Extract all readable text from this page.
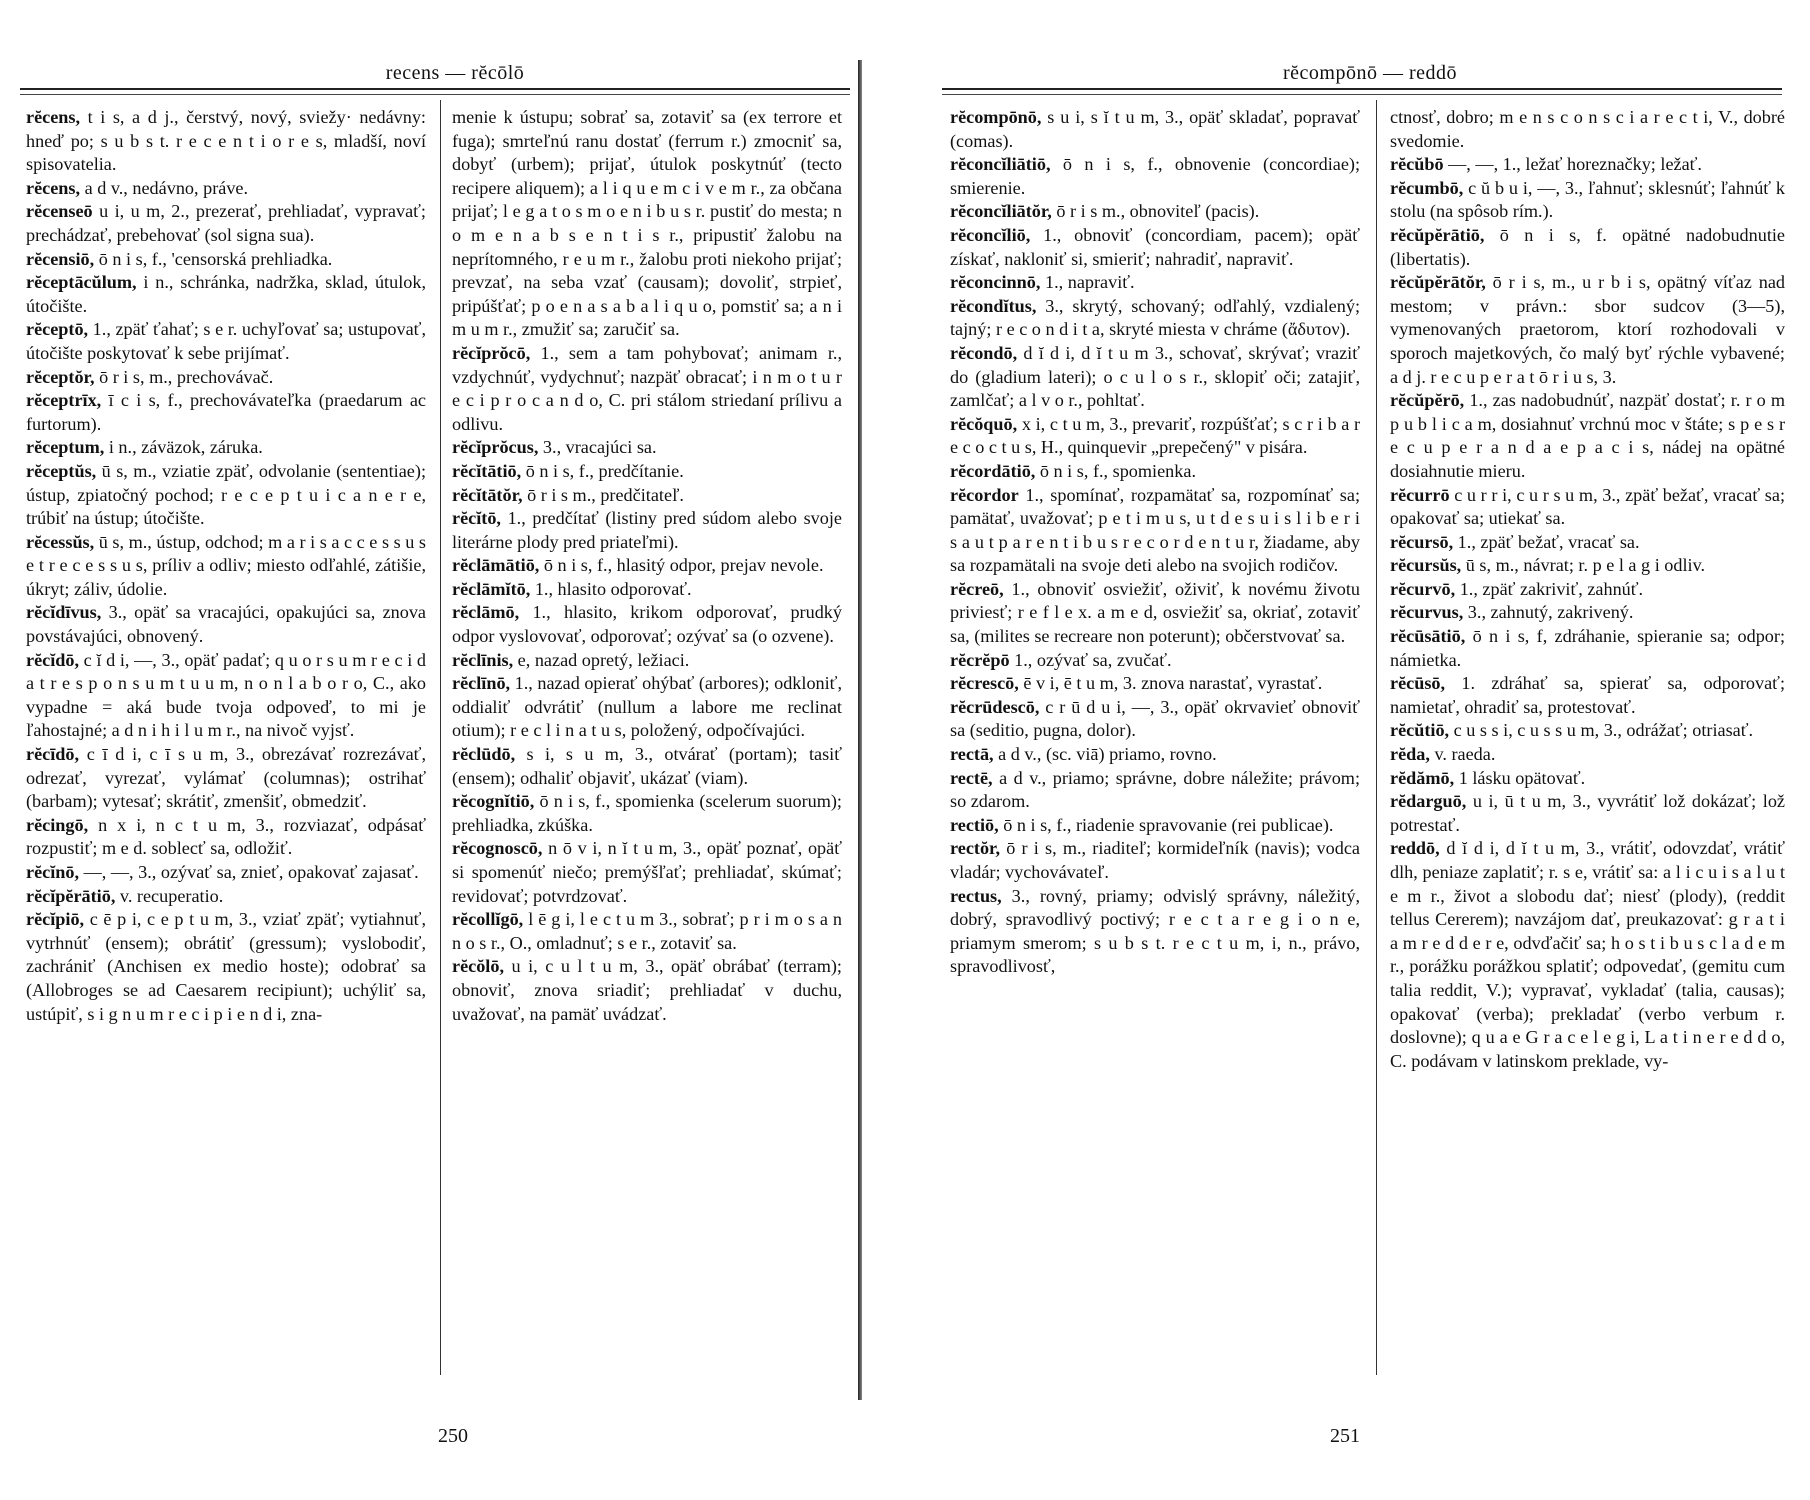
recens — rĕcōlō

rĕcens, t i s, a d j., čerstvý, nový, sviežy· nedávny: hneď po; s u b s t. r e c e n t i o r e s, mladší, noví spisovatelia.

rĕcens, a d v., nedávno, práve.

rĕcenseō u i, u m, 2., prezerať, prehliadať, vypravať; prechádzať, prebehovať (sol signa sua).

rĕcensiō, ō n i s, f., 'censorská prehliadka.

rĕceptācŭlum, i n., schránka, nadržka, sklad, útulok, útočište.

rĕceptō, 1., zpäť ťahať; s e r. uchyľovať sa; ustupovať, útočište poskytovať k sebe prijímať.

rĕceptŏr, ō r i s, m., prechovávač.

rĕceptrīx, ī c i s, f., prechovávateľka (praedarum ac furtorum).

rĕceptum, i n., záväzok, záruka.

rĕceptŭs, ū s, m., vziatie zpäť, odvolanie (sententiae); ústup, zpiatočný pochod; r e c e p t u i c a n e r e, trúbiť na ústup; útočište.

rĕcessŭs, ū s, m., ústup, odchod; m a r i s a c c e s s u s e t r e c e s s u s, príliv a odliv; miesto odľahlé, zátišie, úkryt; záliv, údolie.

rĕcĭdīvus, 3., opäť sa vracajúci, opakujúci sa, znova povstávajúci, obnovený.

rĕcĭdō, c ĭ d i, —, 3., opäť padať; q u o r s u m r e c i d a t r e s p o n s u m t u u m, n o n l a b o r o, C., ako vypadne = aká bude tvoja odpoveď, to mi je ľahostajné; a d n i h i l u m r., na nivoč vyjsť.

rĕcīdō, c ī d i, c ī s u m, 3., obrezávať rozrezávať, odrezať, vyrezať, vylámať (columnas); ostrihať (barbam); vytesať; skrátiť, zmenšiť, obmedziť.

rĕcingō, n x i, n c t u m, 3., rozviazať, odpásať rozpustiť; m e d. soblecť sa, odložiť.

rĕcĭnō, —, —, 3., ozývať sa, znieť, opakovať zajasať.

rĕcĭpĕrātiō, v. recuperatio.

rĕcĭpiō, c ē p i, c e p t u m, 3., vziať zpäť; vytiahnuť, vytrhnúť (ensem); obrátiť (gressum); vyslobodiť, zachrániť (Anchisen ex medio hoste); odobrať sa (Allobroges se ad Caesarem recipiunt); uchýliť sa, ustúpiť, s i g n u m r e c i p i e n d i, zna-

menie k ústupu; sobrať sa, zotaviť sa (ex terrore et fuga); smrteľnú ranu dostať (ferrum r.) zmocniť sa, dobyť (urbem); prijať, útulok poskytnúť (tecto recipere aliquem); a l i q u e m c i v e m r., za občana prijať; l e g a t o s m o e n i b u s r. pustiť do mesta; n o m e n a b s e n t i s r., pripustiť žalobu na neprítomného, r e u m r., žalobu proti niekoho prijať; prevzať, na seba vzať (causam); dovoliť, strpieť, pripúšťať; p o e n a s a b a l i q u o, pomstiť sa; a n i m u m r., zmužiť sa; zaručiť sa.

rĕcĭprŏcō, 1., sem a tam pohybovať; animam r., vzdychnúť, vydychnuť; nazpäť obracať; i n m o t u r e c i p r o c a n d o, C. pri stálom striedaní prílivu a odlivu.

rĕcĭprŏcus, 3., vracajúci sa.

rĕcĭtātiō, ō n i s, f., predčítanie.

rĕcĭtātŏr, ō r i s m., predčitateľ.

rĕcĭtō, 1., predčítať (listiny pred súdom alebo svoje literárne plody pred priateľmi).

rĕclāmātiō, ō n i s, f., hlasitý odpor, prejav nevole.

rĕclāmĭtō, 1., hlasito odporovať.

rĕclāmō, 1., hlasito, krikom odporovať, prudký odpor vyslovovať, odporovať; ozývať sa (o ozvene).

rĕclīnis, e, nazad opretý, ležiaci.

rĕclīnō, 1., nazad opierať ohýbať (arbores); odkloniť, oddialiť odvrátiť (nullum a labore me reclinat otium); r e c l i n a t u s, položený, odpočívajúci.

rĕclūdō, s i, s u m, 3., otvárať (portam); tasiť (ensem); odhaliť objaviť, ukázať (viam).

rĕcognĭtiō, ō n i s, f., spomienka (scelerum suorum); prehliadka, zkúška.

rĕcognoscō, n ō v i, n ĭ t u m, 3., opäť poznať, opäť si spomenúť niečo; premýšľať; prehliadať, skúmať; revidovať; potvrdzovať.

rĕcollĭgō, l ē g i, l e c t u m 3., sobrať; p r i m o s a n n o s r., O., omladnuť; s e r., zotaviť sa.

rĕcŏlō, u i, c u l t u m, 3., opäť obrábať (terram); obnoviť, znova sriadiť; prehliadať v duchu, uvažovať, na pamäť uvádzať.

250
rĕcompōnō — reddō

rĕcompōnō, s u i, s ĭ t u m, 3., opäť skladať, popravať (comas).

rĕconcĭliātiō, ō n i s, f., obnovenie (concordiae); smierenie.

rĕconcĭliātŏr, ō r i s m., obnoviteľ (pacis).

rĕconcĭliō, 1., obnoviť (concordiam, pacem); opäť získať, nakloniť si, smieriť; nahradiť, napraviť.

rĕconcinnō, 1., napraviť.

rĕcondĭtus, 3., skrytý, schovaný; odľahlý, vzdialený; tajný; r e c o n d i t a, skryté miesta v chráme (ἄδυτον).

rĕcondō, d ĭ d i, d ĭ t u m 3., schovať, skrývať; vraziť do (gladium lateri); o c u l o s r., sklopiť oči; zatajiť, zamlčať; a l v o r., pohltať.

rĕcŏquō, x i, c t u m, 3., prevariť, rozpúšťať; s c r i b a r e c o c t u s, H., quinquevir „prepečený" v pisára.

rĕcordātiō, ō n i s, f., spomienka.

rĕcordor 1., spomínať, rozpamätať sa, rozpomínať sa; pamätať, uvažovať; p e t i m u s, u t d e s u i s l i b e r i s a u t p a r e n t i b u s r e c o r d e n t u r, žiadame, aby sa rozpamätali na svoje deti alebo na svojich rodičov.

rĕcreō, 1., obnoviť osviežiť, oživiť, k novému životu priviesť; r e f l e x. a m e d, osviežiť sa, okriať, zotaviť sa, (milites se recreare non poterunt); občerstvovať sa.

rĕcrĕpō 1., ozývať sa, zvučať.

rĕcrescō, ē v i, ē t u m, 3. znova narastať, vyrastať.

rĕcrūdescō, c r ū d u i, —, 3., opäť okrvavieť obnoviť sa (seditio, pugna, dolor).

rectā, a d v., (sc. viā) priamo, rovno.

rectē, a d v., priamo; správne, dobre náležite; právom; so zdarom.

rectiō, ō n i s, f., riadenie spravovanie (rei publicae).

rectŏr, ō r i s, m., riaditeľ; kormideľník (navis); vodca vladár; vychovávateľ.

rectus, 3., rovný, priamy; odvislý správny, náležitý, dobrý, spravodlivý poctivý; r e c t a r e g i o n e, priamym smerom; s u b s t. r e c t u m, i, n., právo, spravodlivosť,

ctnosť, dobro; m e n s c o n s c i a r e c t i, V., dobré svedomie.

rĕcŭbō —, —, 1., ležať horeznačky; ležať.

rĕcumbō, c ŭ b u i, —, 3., ľahnuť; sklesnúť; ľahnúť k stolu (na spôsob rím.).

rĕcŭpĕrātiō, ō n i s, f. opätné nadobudnutie (libertatis).

rĕcŭpĕrātŏr, ō r i s, m., u r b i s, opätný víťaz nad mestom; v právn.: sbor sudcov (3—5), vymenovaných praetorom, ktorí rozhodovali v sporoch majetkových, čo malý byť rýchle vybavené; a d j. r e c u p e r a t ō r i u s, 3.

rĕcŭpĕrō, 1., zas nadobudnúť, nazpäť dostať; r. r o m p u b l i c a m, dosiahnuť vrchnú moc v štáte; s p e s r e c u p e r a n d a e p a c i s, nádej na opätné dosiahnutie mieru.

rĕcurrō c u r r i, c u r s u m, 3., zpäť bežať, vracať sa; opakovať sa; utiekať sa.

rĕcursō, 1., zpäť bežať, vracať sa.

rĕcursŭs, ū s, m., návrat; r. p e l a g i odliv.

rĕcurvō, 1., zpäť zakriviť, zahnúť.

rĕcurvus, 3., zahnutý, zakrivený.

rĕcūsātiō, ō n i s, f, zdráhanie, spieranie sa; odpor; námietka.

rĕcūsō, 1. zdráhať sa, spierať sa, odporovať; namietať, ohradiť sa, protestovať.

rĕcŭtiō, c u s s i, c u s s u m, 3., odrážať; otriasať.

rĕda, v. raeda.

rĕdămō, 1 lásku opätovať.

rĕdarguō, u i, ū t u m, 3., vyvrátiť lož dokázať; lož potrestať.

reddō, d ĭ d i, d ĭ t u m, 3., vrátiť, odovzdať, vrátiť dlh, peniaze zaplatiť; r. s e, vrátiť sa: a l i c u i s a l u t e m r., život a slobodu dať; niesť (plody), (reddit tellus Cererem); navzájom dať, preukazovať: g r a t i a m r e d d e r e, odvďačiť sa; h o s t i b u s c l a d e m r., porážku porážkou splatiť; odpovedať, (gemitu cum talia reddit, V.); vypravať, vykladať (talia, causas); opakovať (verba); prekladať (verbo verbum r. doslovne); q u a e G r a c e l e g i, L a t i n e r e d d o, C. podávam v latinskom preklade, vy-

251
